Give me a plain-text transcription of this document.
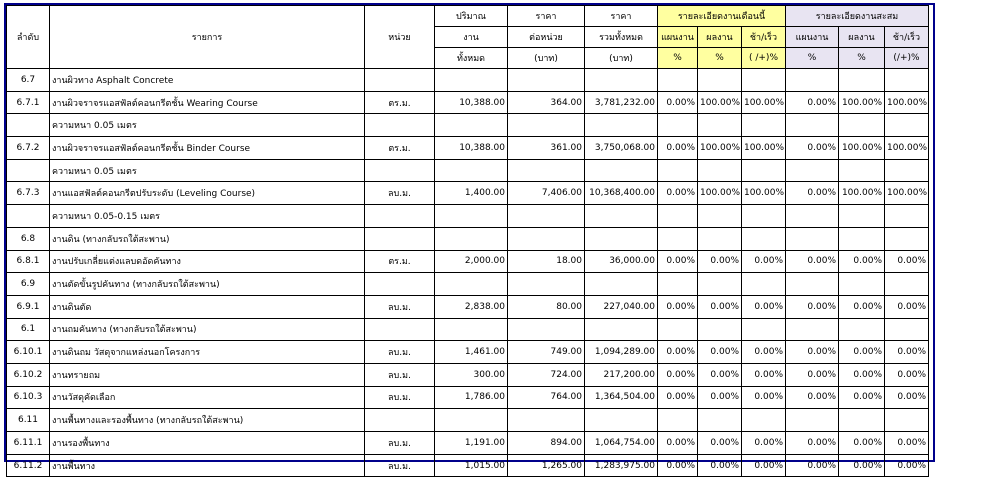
ลำดับ	รายการ		หน่วย	ปริมาณ	ราคา	ราคา	รายละเอียดงานเดือนนี้			รายละเอียดงานสะสม		
				งาน	ต่อหน่วย	รวมทั้งหมด	แผนงาน	ผลงาน	ช้า/เร็ว	แผนงาน	ผลงาน	ช้า/เร็ว
				ทั้งหมด	(บาท)	(บาท)	%	%	( /+)%	%	%	(/+)%
6.7	งานผิวทาง Asphalt Concrete											
6.7.1	งานผิวจราจรแอสฟัลต์คอนกรีตชั้น Wearing Course		ตร.ม.	10,388.00	364.00	3,781,232.00	0.00%	100.00%	100.00%	0.00%	100.00%	100.00%
	ความหนา 0.05 เมตร											
6.7.2	งานผิวจราจรแอสฟัลต์คอนกรีตชั้น Binder Course		ตร.ม.	10,388.00	361.00	3,750,068.00	0.00%	100.00%	100.00%	0.00%	100.00%	100.00%
	ความหนา 0.05 เมตร											
6.7.3	งานแอสฟัลต์คอนกรีตปรับระดับ (Leveling Course)		ลบ.ม.	1,400.00	7,406.00	10,368,400.00	0.00%	100.00%	100.00%	0.00%	100.00%	100.00%
	ความหนา 0.05-0.15 เมตร											
6.8	งานดิน (ทางกลับรถใต้สะพาน)											
6.8.1	งานปรับเกลี่ยแต่งแลบดอัดคันทาง		ตร.ม.	2,000.00	18.00	36,000.00	0.00%	0.00%	0.00%	0.00%	0.00%	0.00%
6.9	งานตัดขั้นรูปคันทาง (ทางกลับรถใต้สะพาน)											
6.9.1	งานดินตัด		ลบ.ม.	2,838.00	80.00	227,040.00	0.00%	0.00%	0.00%	0.00%	0.00%	0.00%
6.1	งานถมคันทาง (ทางกลับรถใต้สะพาน)											
6.10.1	งานดินถม วัสดุจากแหล่งนอกโครงการ		ลบ.ม.	1,461.00	749.00	1,094,289.00	0.00%	0.00%	0.00%	0.00%	0.00%	0.00%
6.10.2	งานทรายถม		ลบ.ม.	300.00	724.00	217,200.00	0.00%	0.00%	0.00%	0.00%	0.00%	0.00%
6.10.3	งานวัสดุคัดเลือก		ลบ.ม.	1,786.00	764.00	1,364,504.00	0.00%	0.00%	0.00%	0.00%	0.00%	0.00%
6.11	งานพื้นทางและรองพื้นทาง (ทางกลับรถใต้สะพาน)											
6.11.1	งานรองพื้นทาง		ลบ.ม.	1,191.00	894.00	1,064,754.00	0.00%	0.00%	0.00%	0.00%	0.00%	0.00%
6.11.2	งานพื้นทาง		ลบ.ม.	1,015.00	1,265.00	1,283,975.00	0.00%	0.00%	0.00%	0.00%	0.00%	0.00%
